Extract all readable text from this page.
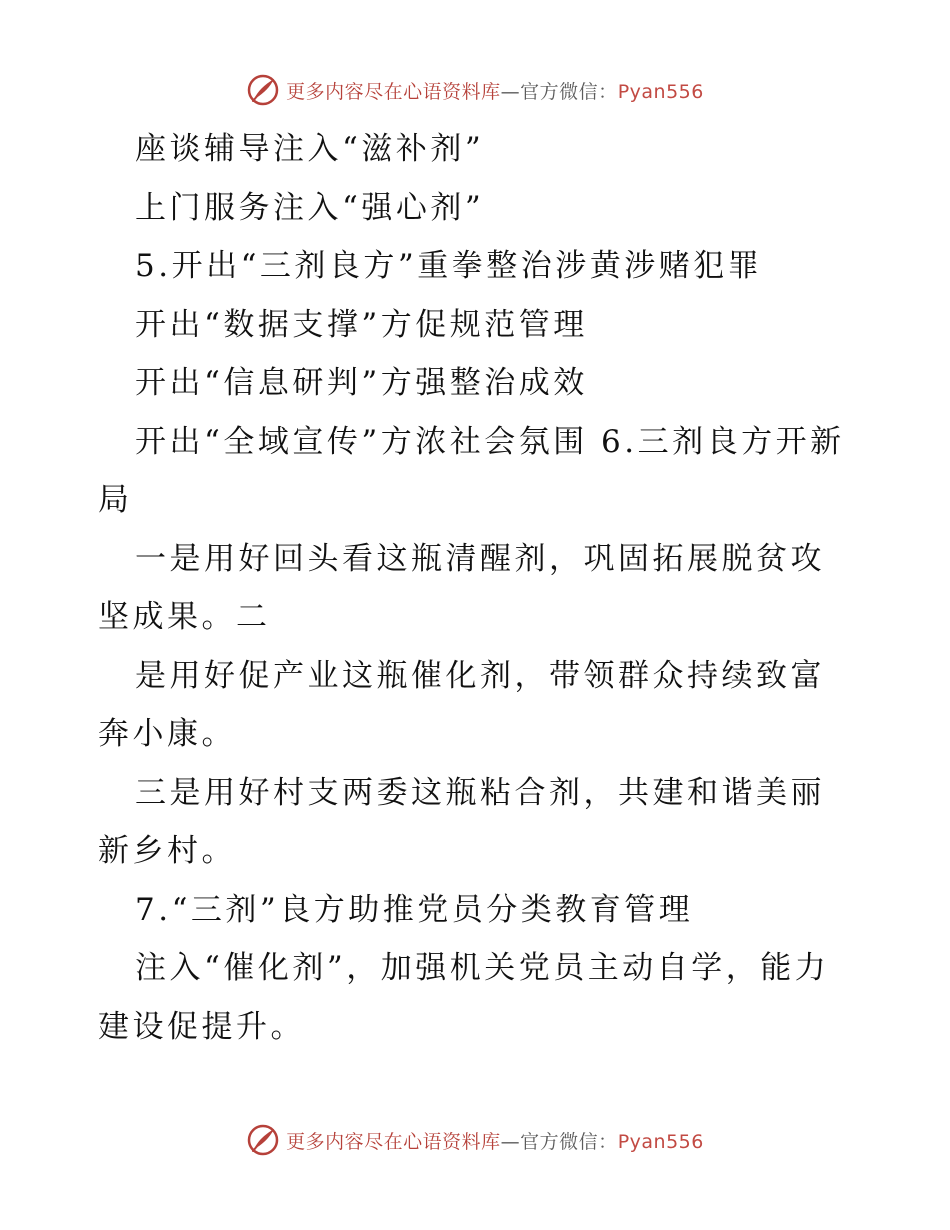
更多内容尽在心语资料库—官方微信：Pyan556

座谈辅导注入“滋补剂”

上门服务注入“强心剂”

5.开出“三剂良方”重拳整治涉黄涉赌犯罪

开出“数据支撑”方促规范管理

开出“信息研判”方强整治成效

开出“全域宣传”方浓社会氛围 6.三剂良方开新局

一是用好回头看这瓶清醒剂，巩固拓展脱贫攻坚成果。二

是用好促产业这瓶催化剂，带领群众持续致富奔小康。

三是用好村支两委这瓶粘合剂，共建和谐美丽新乡村。

7.“三剂”良方助推党员分类教育管理

注入“催化剂”，加强机关党员主动自学，能力建设促提升。

更多内容尽在心语资料库—官方微信：Pyan556
